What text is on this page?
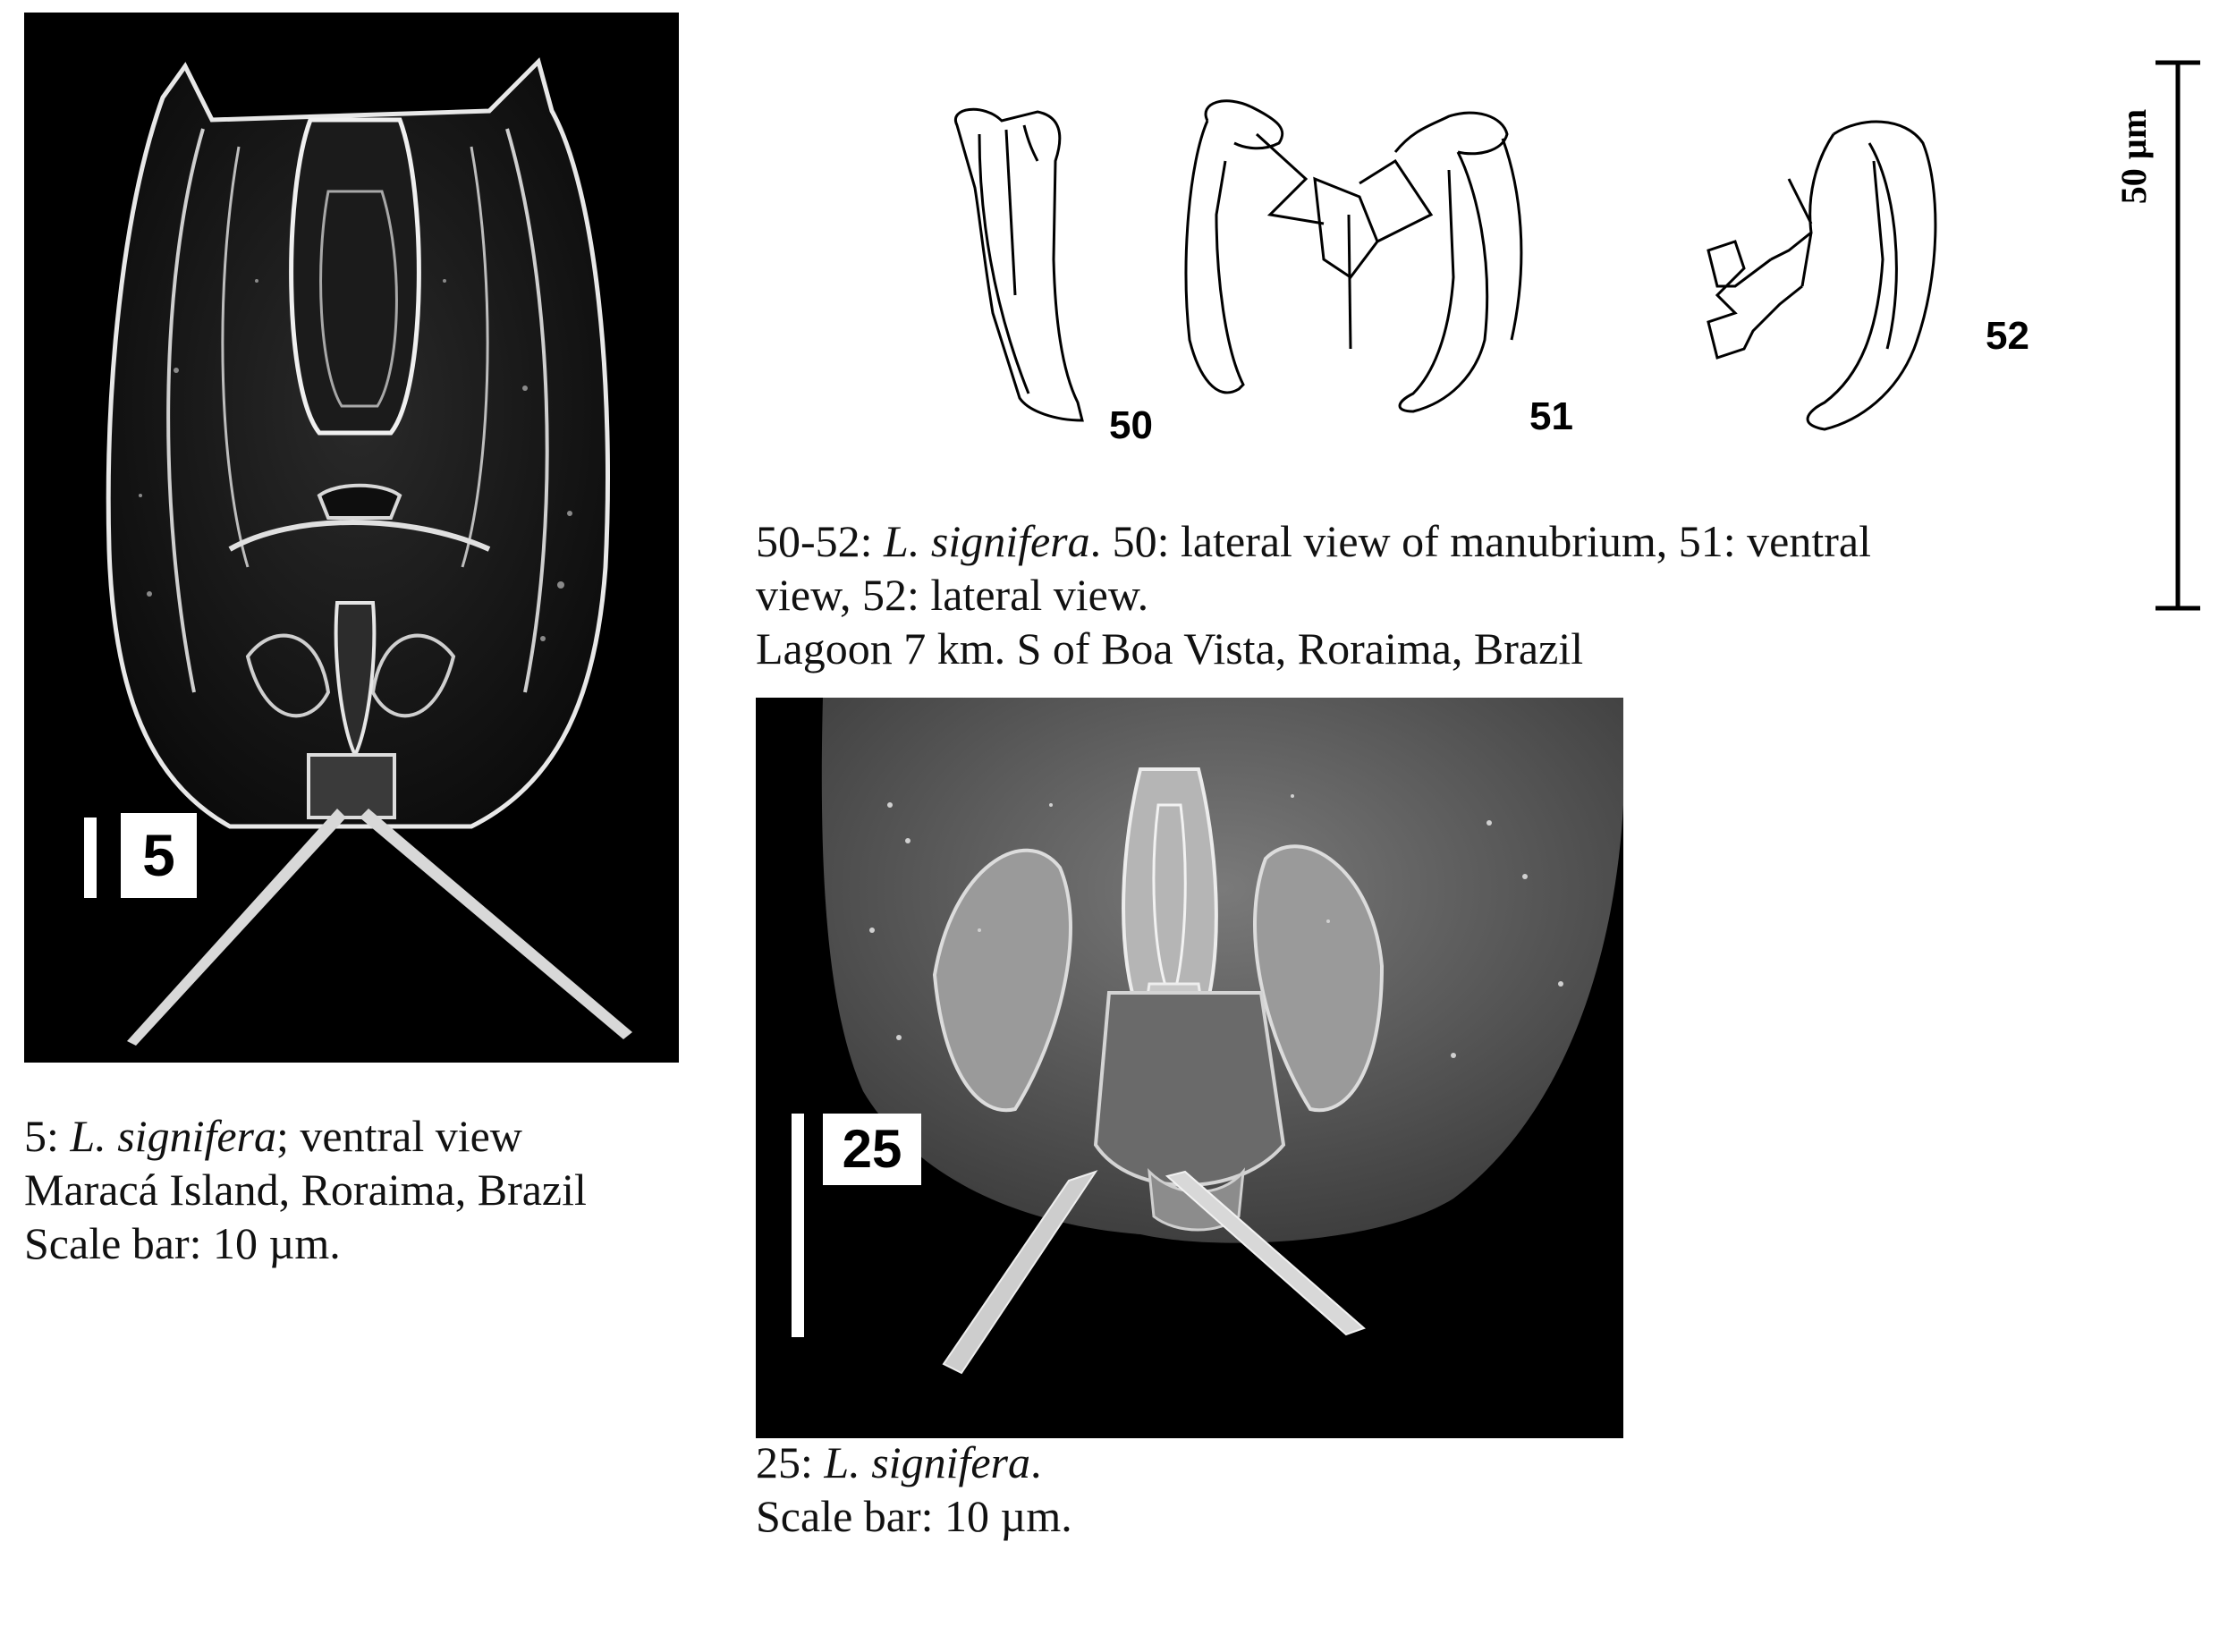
5
5: L. signifera; ventral view
Maracá Island, Roraima, Brazil
Scale bar: 10 µm.
50	51
52
50 µm
50-52: L. signifera. 50: lateral view of manubrium, 51: ventral
view, 52: lateral view.
Lagoon 7 km. S of Boa Vista, Roraima, Brazil
25
25: L. signifera.
Scale bar: 10 µm.
